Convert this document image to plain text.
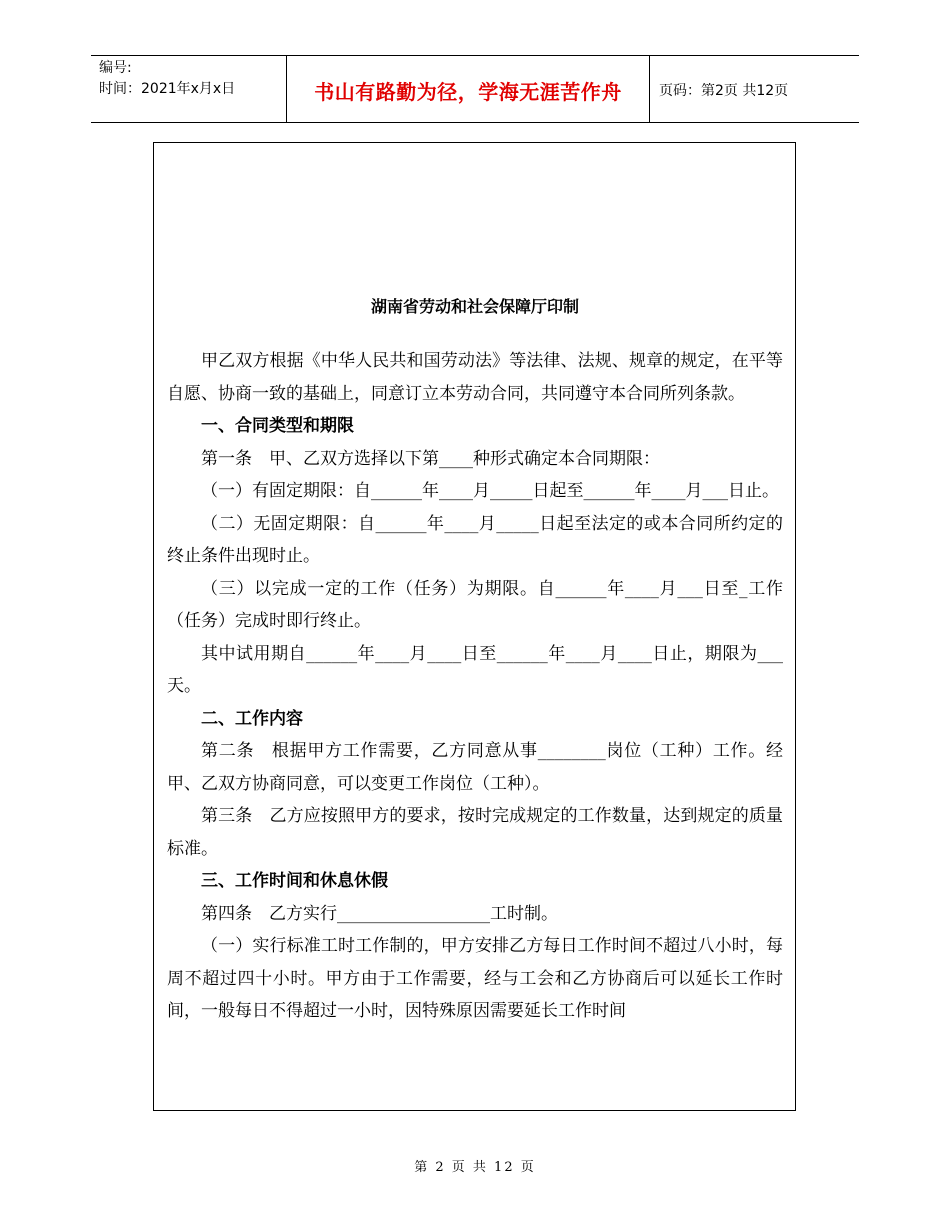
编号:
时间：2021年x月x日	书山有路勤为径，学海无涯苦作舟	页码：第2页 共12页
湖南省劳动和社会保障厅印制

甲乙双方根据《中华人民共和国劳动法》等法律、法规、规章的规定，在平等自愿、协商一致的基础上，同意订立本劳动合同，共同遵守本合同所列条款。

一、合同类型和期限

第一条　甲、乙双方选择以下第____种形式确定本合同期限：

（一）有固定期限：自______年____月_____日起至______年____月___日止。

（二）无固定期限：自______年____月_____日起至法定的或本合同所约定的终止条件出现时止。

（三）以完成一定的工作（任务）为期限。自______年____月___日至_工作（任务）完成时即行终止。

其中试用期自______年____月____日至______年____月____日止，期限为___天。

二、工作内容

第二条　根据甲方工作需要，乙方同意从事________岗位（工种）工作。经甲、乙双方协商同意，可以变更工作岗位（工种）。

第三条　乙方应按照甲方的要求，按时完成规定的工作数量，达到规定的质量标准。

三、工作时间和休息休假

第四条　乙方实行__________________工时制。

（一）实行标准工时工作制的，甲方安排乙方每日工作时间不超过八小时，每周不超过四十小时。甲方由于工作需要，经与工会和乙方协商后可以延长工作时间，一般每日不得超过一小时，因特殊原因需要延长工作时间

第 2 页 共 12 页
